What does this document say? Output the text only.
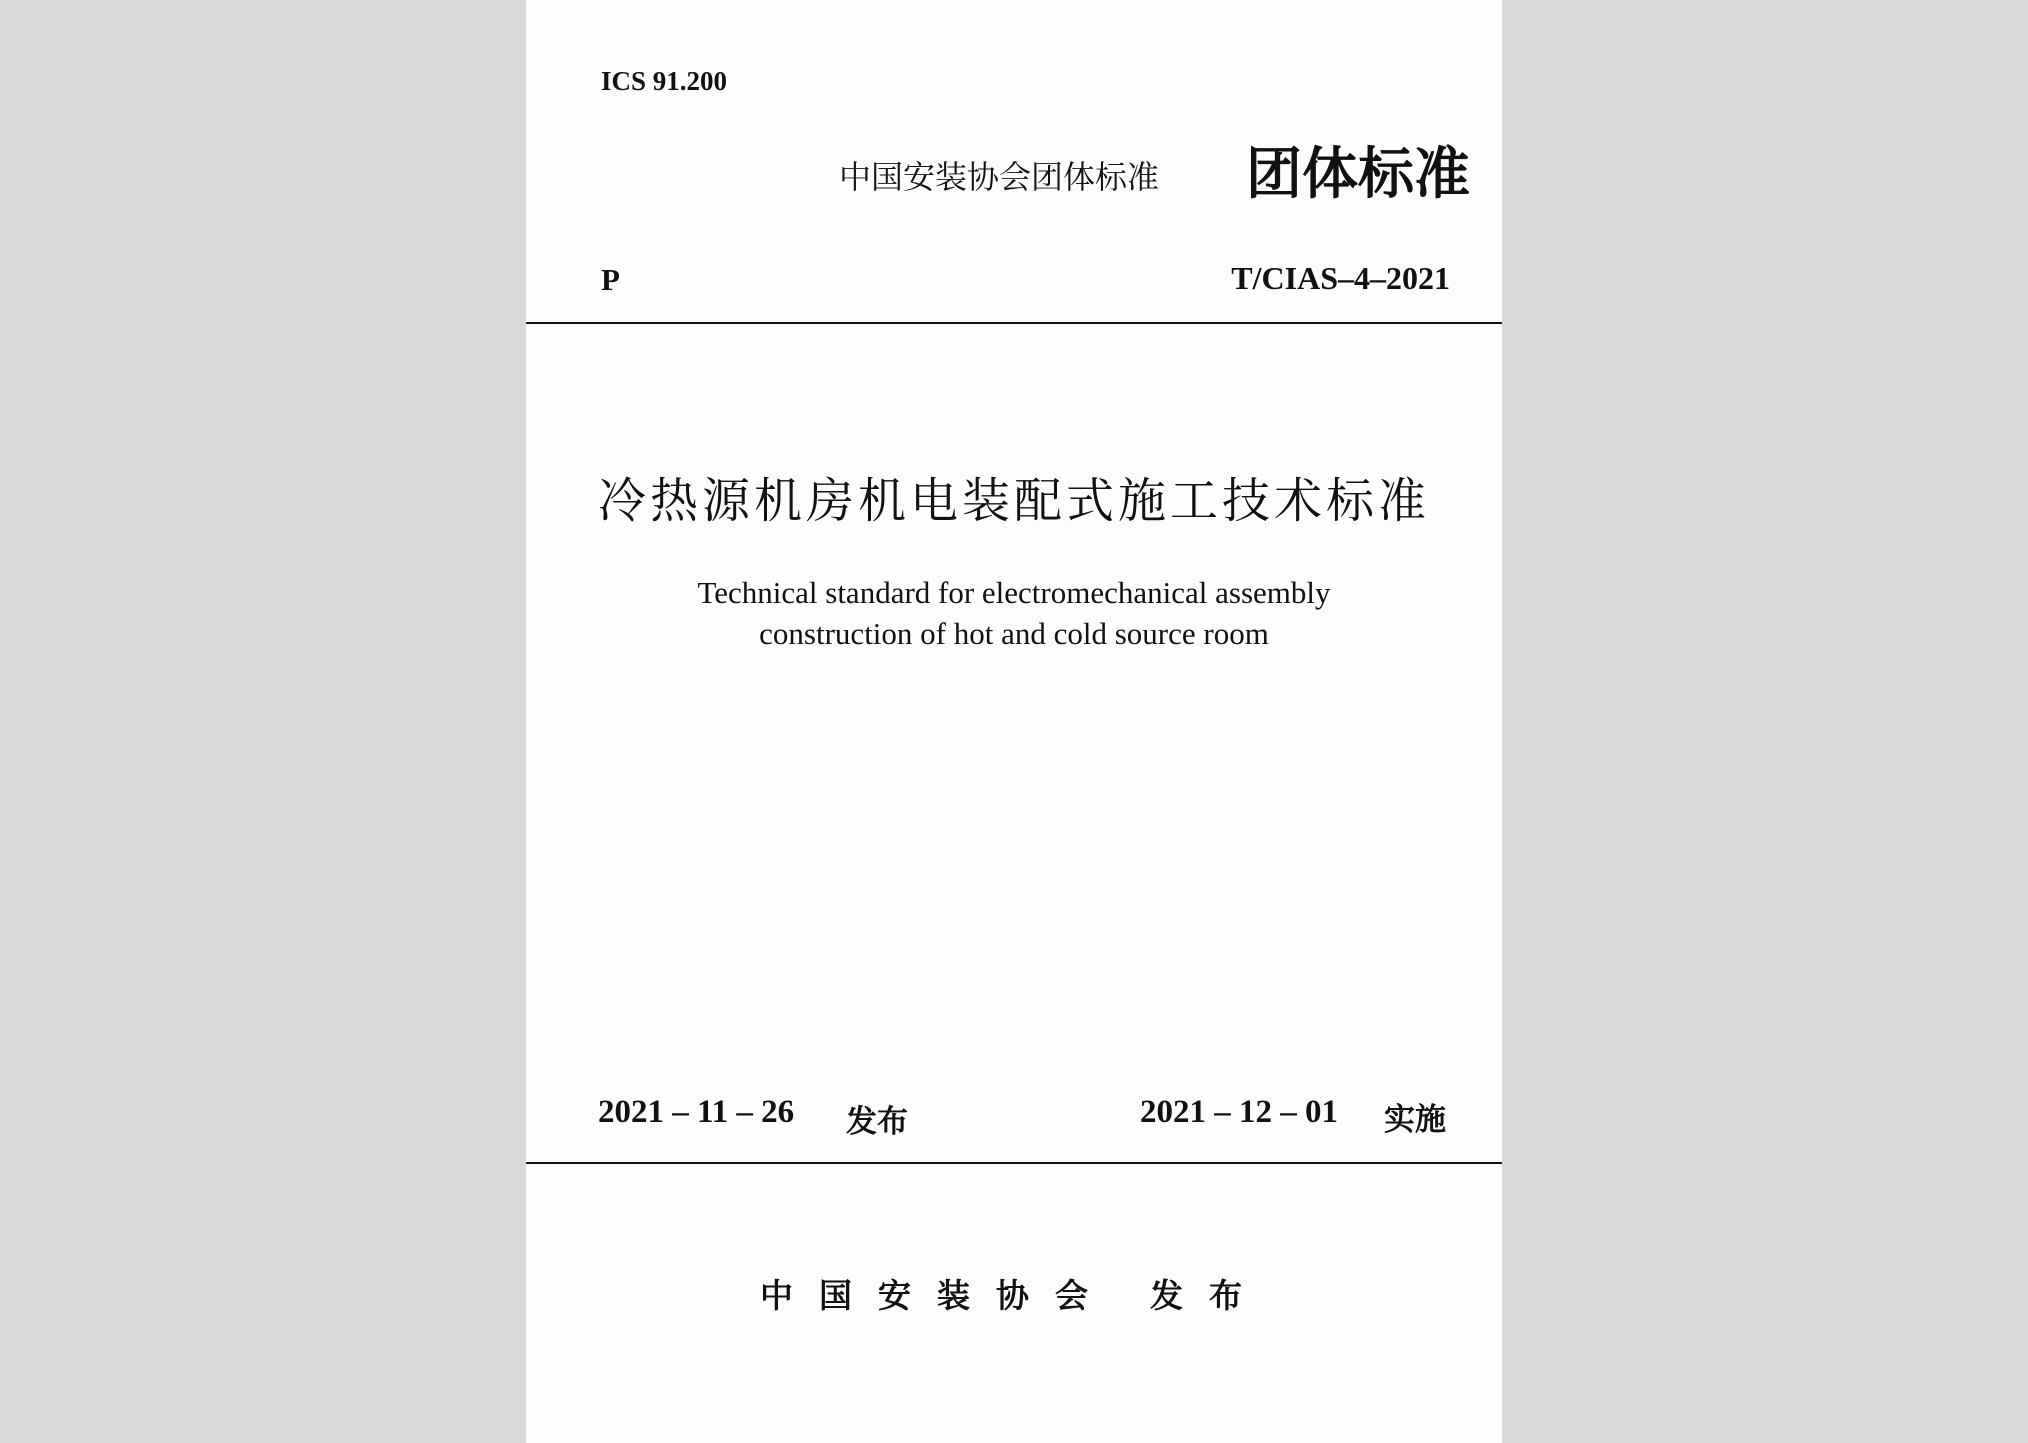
ICS 91.200
中国安装协会团体标准 团体标准
P	T/CIAS–4–2021
冷热源机房机电装配式施工技术标准
Technical standard for electromechanical assembly
construction of hot and cold source room
2021 – 11 – 26 发布	2021 – 12 – 01 实施
中国安装协会 发布
